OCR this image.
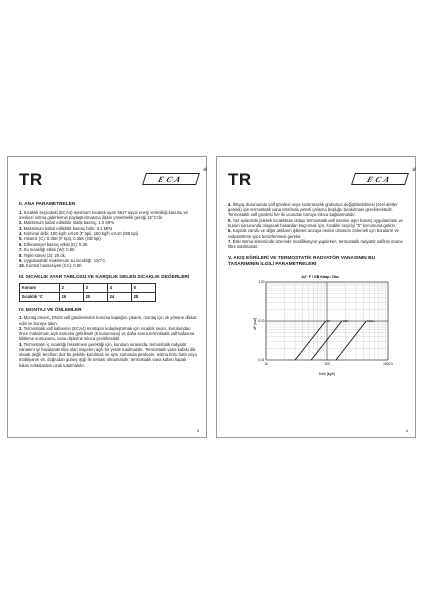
TR	ECA
®
II. ANA PARAMETRELER
1. Sıcaklık seçicideki (ECA4) minimum sıcaklık ayarı 5627 sayılı enerji verimliliği kanunu ve merkezi ısıtma giderlerinin paylaştırılmasına ilişkin yönetmelik gereği 15°C'dir.
2. Maksimum kabul edilebilir statik basınç: 1.0 MPa
3. Maksimum kabul edilebilir basınç farkı: 0.1 MPa
4. Nominal debi: 190 kg/h ±%10 (F tipi), 160 kg/h ±%10 (GB tipi)
5. Histeriz (C): 0.35K (F tipi), 0.35K (GB tipi)
6. Diferansiyel basınç etkisi (D): 0.3K
7. Su sıcaklığı etkisi (W): 0.8K
8. Tepki süresi (Z): 20 dk.
9. Uygulanabilir maksimum su sıcaklığı: 120°C
10. Kontrol hassasiyeti (CA): 0.6K
III. SICAKLIK AYAR TABLOSU VE KARŞILIK GELEN SICAKLIK DEĞERLERİ
Konum	2	3	4	5
Sıcaklık °C	16	20	24	28
IV. MONTAJ VE ÖNLEMLER
1. Montaj öncesi, DN15 valf gövdesinden koruma kapağını çıkarın, montaj için ok yönüne dikkat edin ve boruya takın.
2. Termostatik valf kafasının (ECA4) montajını kolaylaştırmak için sıcaklık seçici, kurulumdan önce maksimum açık konuma getirilmeli (5 konumuna) ve daha sonra termostatik valf kafasına kilitleme somununu, vana dişlerine sıkıca çevirilmelidir.
3. Termostatın iç sıcaklığı hissetmesi gerektiği için, kurulum sırasında, termostatik radyatör vanasını iyi havalandırılma olan nispeten açık bir yerde tutulmalıdır. Termostatik vana kafası dik olarak değil, tercihen düz bir şekilde kurulmalı ve aynı zamanda perdenin, ısıtma boru hattı veya mobilyanın vb. doğrudan güneş ışığı ile teması olmamalıdır, termostatik vana kafası kapalı kalan noktalardan uzak tutulmalıdır.
3
TR	ECA
®
4. İhtiyaç durumunda valf gövdesi veya sızdırmazlık grubunun değiştirilebilmesi (özel aletler gerekli) için termostatik vana etrafında yeterli çalışma boşluğu bırakılması gerekmektedir. Termostatik valf gövdesi her iki ucundan boruya sıkıca bağlanmalıdır.
5. Yaz aylarında yüksek sıcaklıktan dolayı termostatik valf üzerine aşırı basınç uygulanması ve bunun sonucunda oluşacak hasardan kaçınmak için, sıcaklık seçiciyi "5" konumuna getirin.
6. Kaynak cürufu ve diğer atıkların işlevsel arızaya neden olmasını önlemek için boruların ve radyatörlerin iyice temizlenmesi gerekir.
7. Eski ısıtma sisteminde üzerinde modifikasyon yapılırken, termostatik radyatör valfinin önüne filtre takılmalıdır.
V. AKIŞ EĞRİLERİ VE TERMOSTATİK RADYATÖR VANASININ BU TASARIMININ İLGİLİ PARAMETRELERİ
1/2" F / GB Kitap / Düz
2K	S2K	Maks
10	100	1000,0
1,00
0,10
0,01
ΔP [bar]
Debi [kg/h]
4
